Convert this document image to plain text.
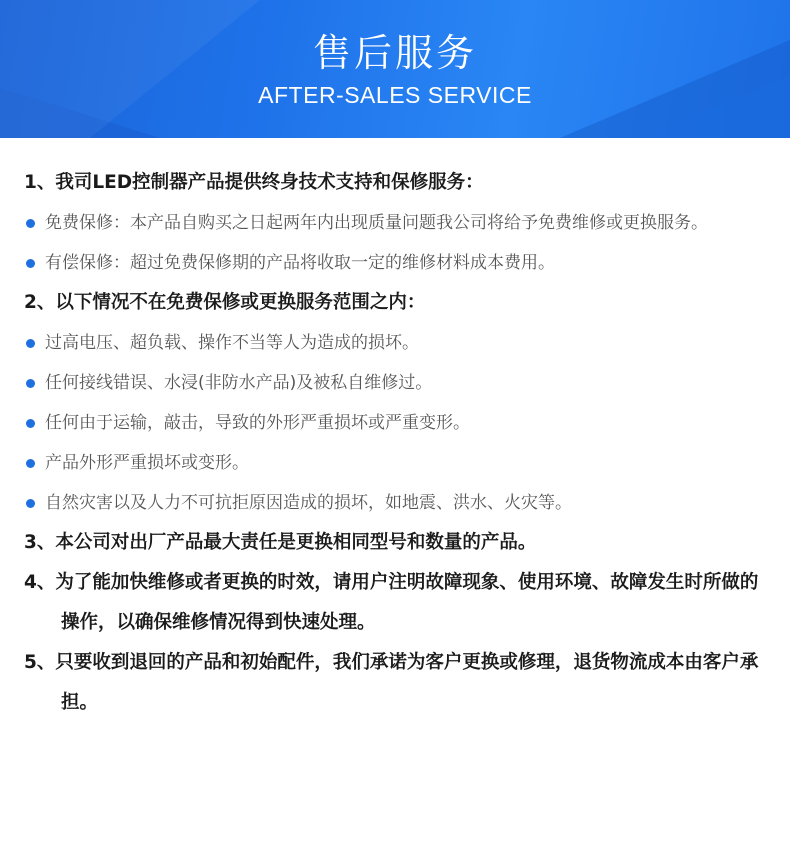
售后服务
AFTER-SALES SERVICE

1、我司LED控制器产品提供终身技术支持和保修服务：

免费保修：本产品自购买之日起两年内出现质量问题我公司将给予免费维修或更换服务。
有偿保修：超过免费保修期的产品将收取一定的维修材料成本费用。

2、以下情况不在免费保修或更换服务范围之内：

过高电压、超负载、操作不当等人为造成的损坏。
任何接线错误、水浸(非防水产品)及被私自维修过。
任何由于运输，敲击，导致的外形严重损坏或严重变形。
产品外形严重损坏或变形。
自然灾害以及人力不可抗拒原因造成的损坏，如地震、洪水、火灾等。

3、本公司对出厂产品最大责任是更换相同型号和数量的产品。

4、为了能加快维修或者更换的时效，请用户注明故障现象、使用环境、故障发生时所做的操作，以确保维修情况得到快速处理。

5、只要收到退回的产品和初始配件，我们承诺为客户更换或修理，退货物流成本由客户承担。
